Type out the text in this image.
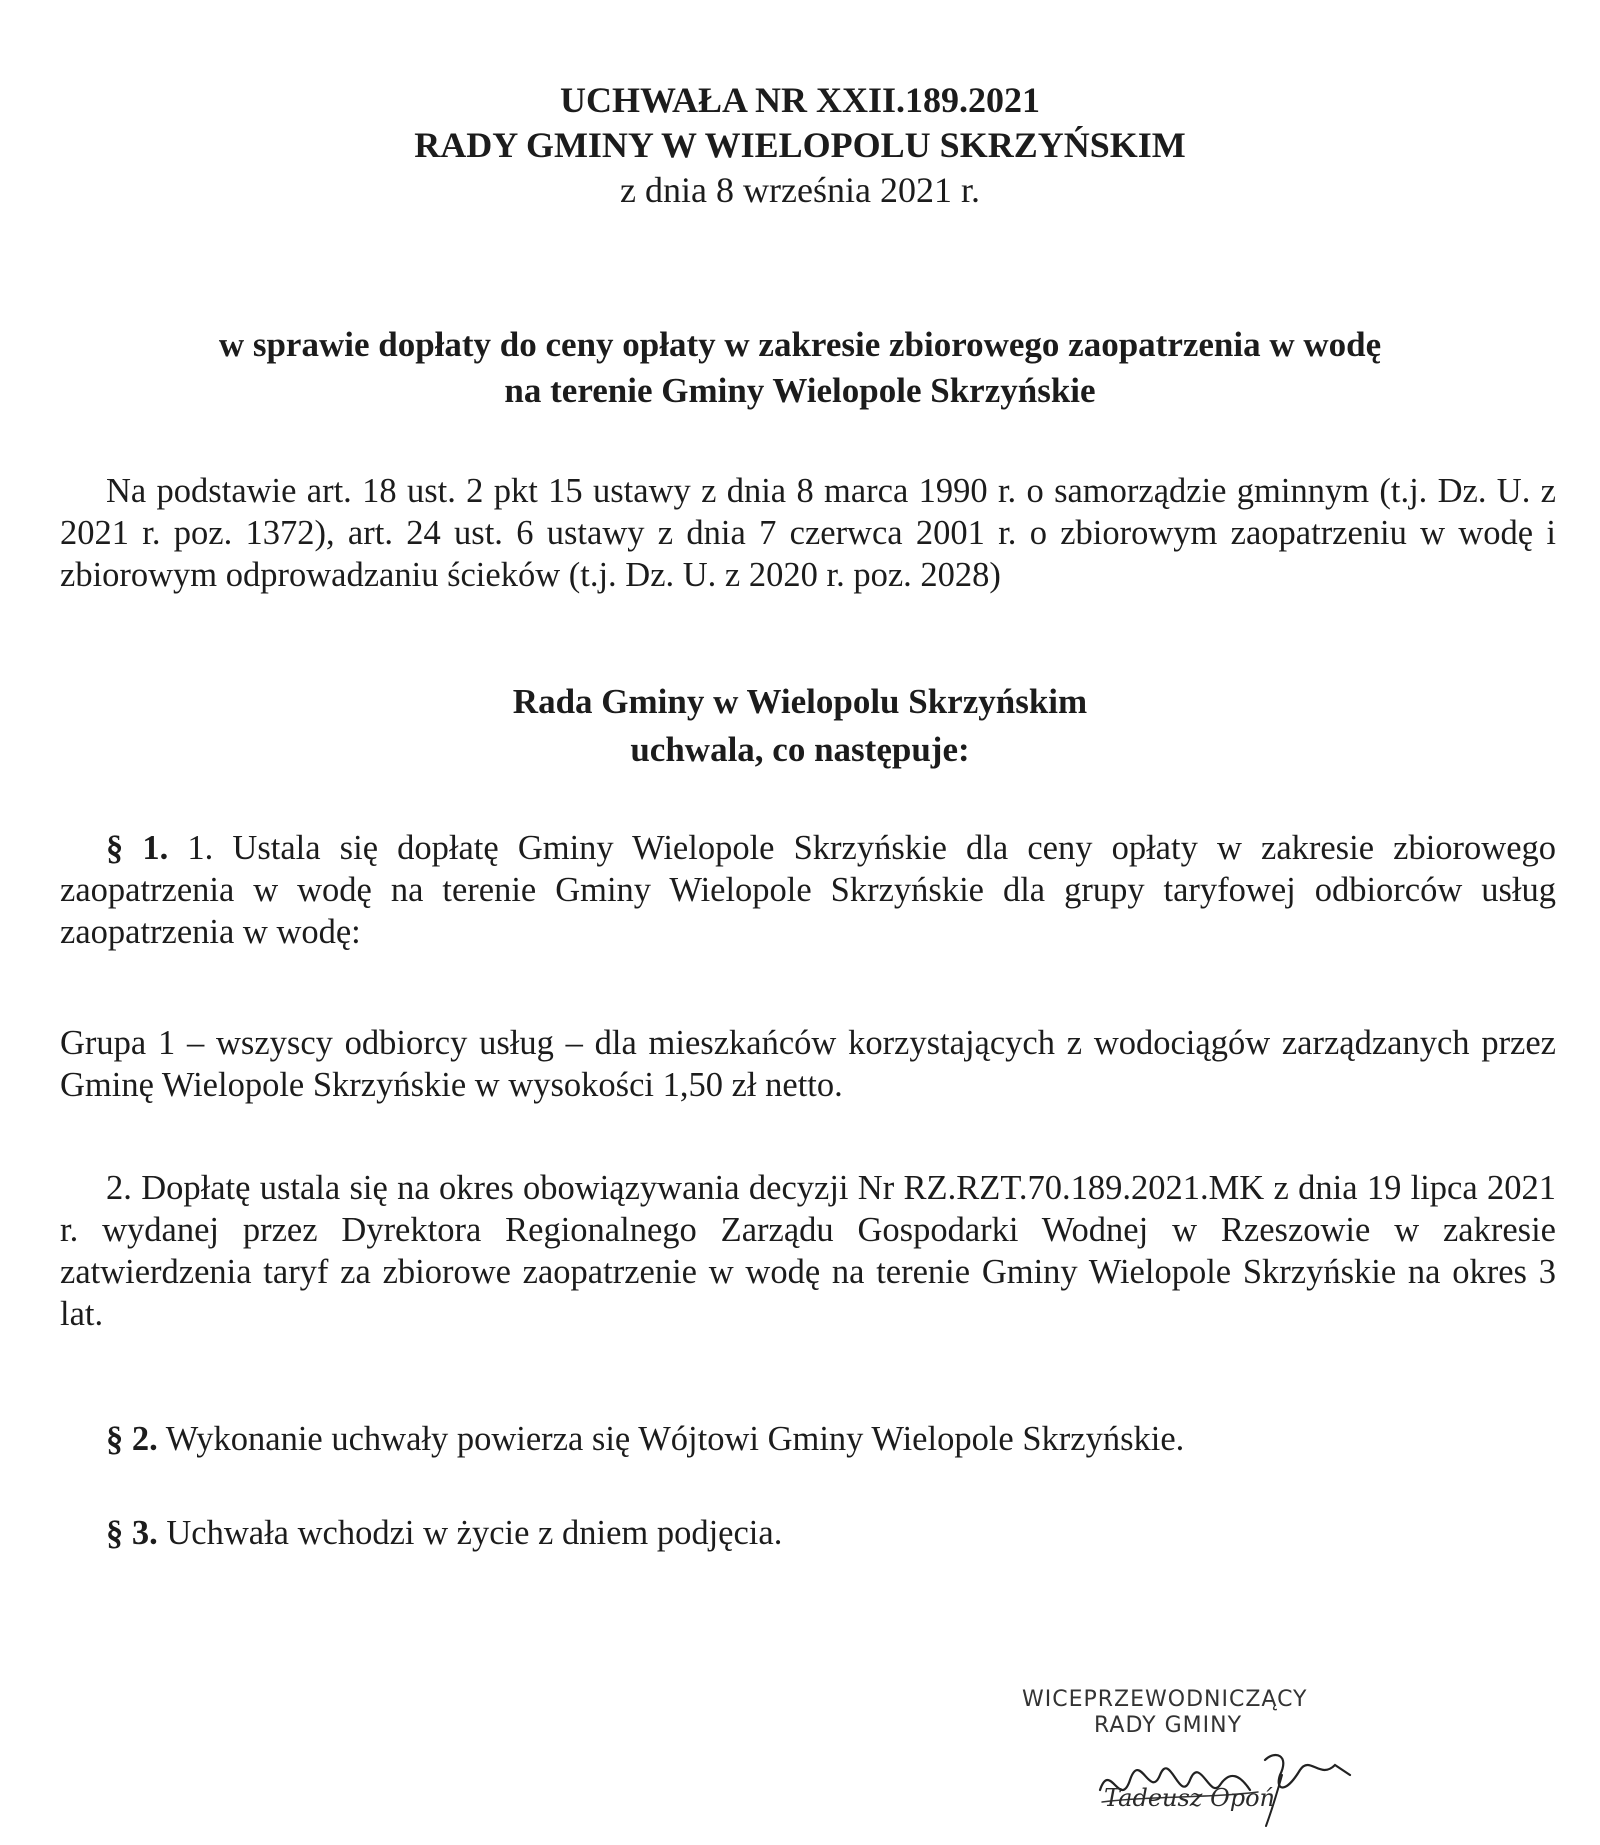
UCHWAŁA NR XXII.189.2021
RADY GMINY W WIELOPOLU SKRZYŃSKIM
z dnia 8 września 2021 r.
w sprawie dopłaty do ceny opłaty w zakresie zbiorowego zaopatrzenia w wodę
na terenie Gminy Wielopole Skrzyńskie
Na podstawie art. 18 ust. 2 pkt 15 ustawy z dnia 8 marca 1990 r. o samorządzie gminnym (t.j. Dz. U. z 2021 r. poz. 1372), art. 24 ust. 6 ustawy z dnia 7 czerwca 2001 r. o zbiorowym zaopatrzeniu w wodę i zbiorowym odprowadzaniu ścieków (t.j. Dz. U. z 2020 r. poz. 2028)
Rada Gminy w Wielopolu Skrzyńskim
uchwala, co następuje:
§ 1. 1. Ustala się dopłatę Gminy Wielopole Skrzyńskie dla ceny opłaty w zakresie zbiorowego zaopatrzenia w wodę na terenie Gminy Wielopole Skrzyńskie dla grupy taryfowej odbiorców usług zaopatrzenia w wodę:
Grupa 1 – wszyscy odbiorcy usług – dla mieszkańców korzystających z wodociągów zarządzanych przez Gminę Wielopole Skrzyńskie w wysokości 1,50 zł netto.
2. Dopłatę ustala się na okres obowiązywania decyzji Nr RZ.RZT.70.189.2021.MK z dnia 19 lipca 2021 r. wydanej przez Dyrektora Regionalnego Zarządu Gospodarki Wodnej w Rzeszowie w zakresie zatwierdzenia taryf za zbiorowe zaopatrzenie w wodę na terenie Gminy Wielopole Skrzyńskie na okres 3 lat.
§ 2. Wykonanie uchwały powierza się Wójtowi Gminy Wielopole Skrzyńskie.
§ 3. Uchwała wchodzi w życie z dniem podjęcia.
WICEPRZEWODNICZĄCY
RADY GMINY
Tadeusz Opoń
